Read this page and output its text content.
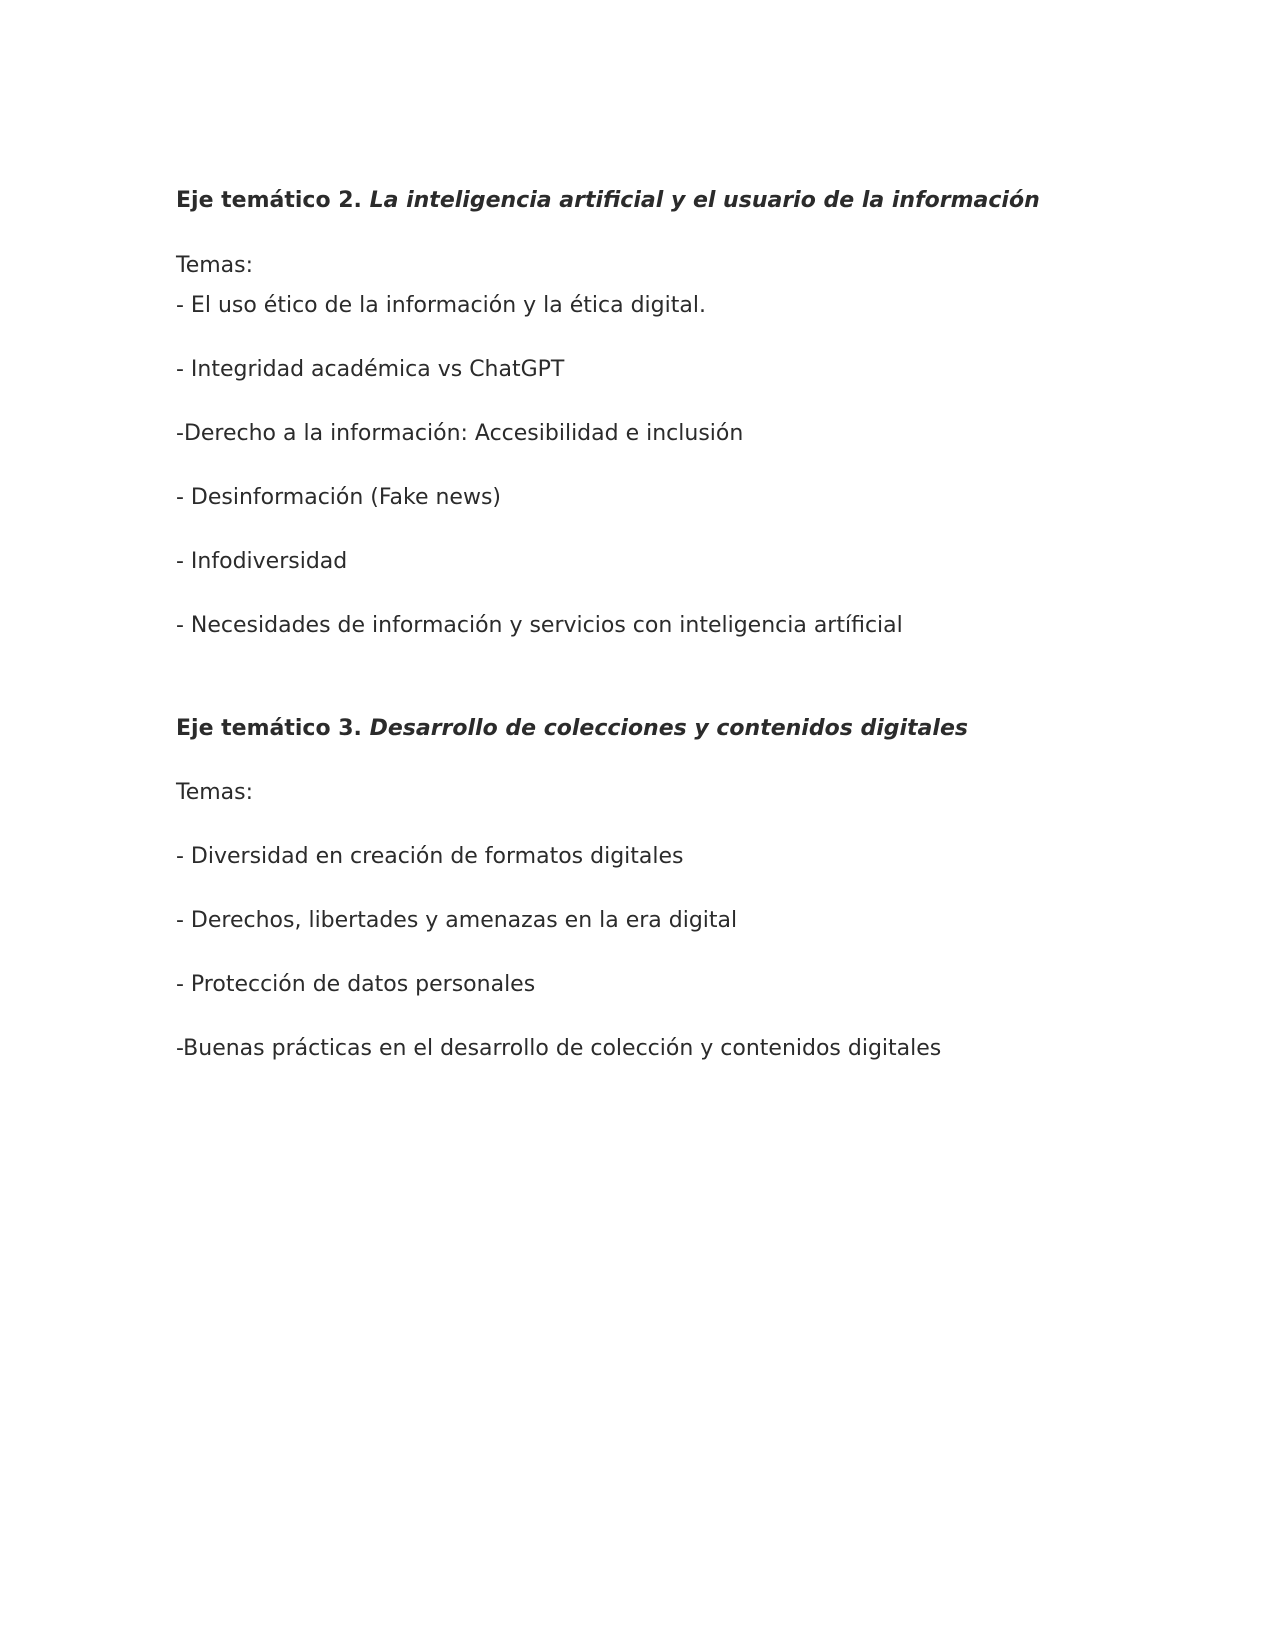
Eje temático 2. La inteligencia artificial y el usuario de la información
Temas:
- El uso ético de la información y la ética digital.
- Integridad académica vs ChatGPT
-Derecho a la información: Accesibilidad e inclusión
- Desinformación (Fake news)
- Infodiversidad
- Necesidades de información y servicios con inteligencia artíficial
Eje temático 3. Desarrollo de colecciones y contenidos digitales
Temas:
- Diversidad en creación de formatos digitales
- Derechos, libertades y amenazas en la era digital
- Protección de datos personales
-Buenas prácticas en el desarrollo de colección y contenidos digitales
